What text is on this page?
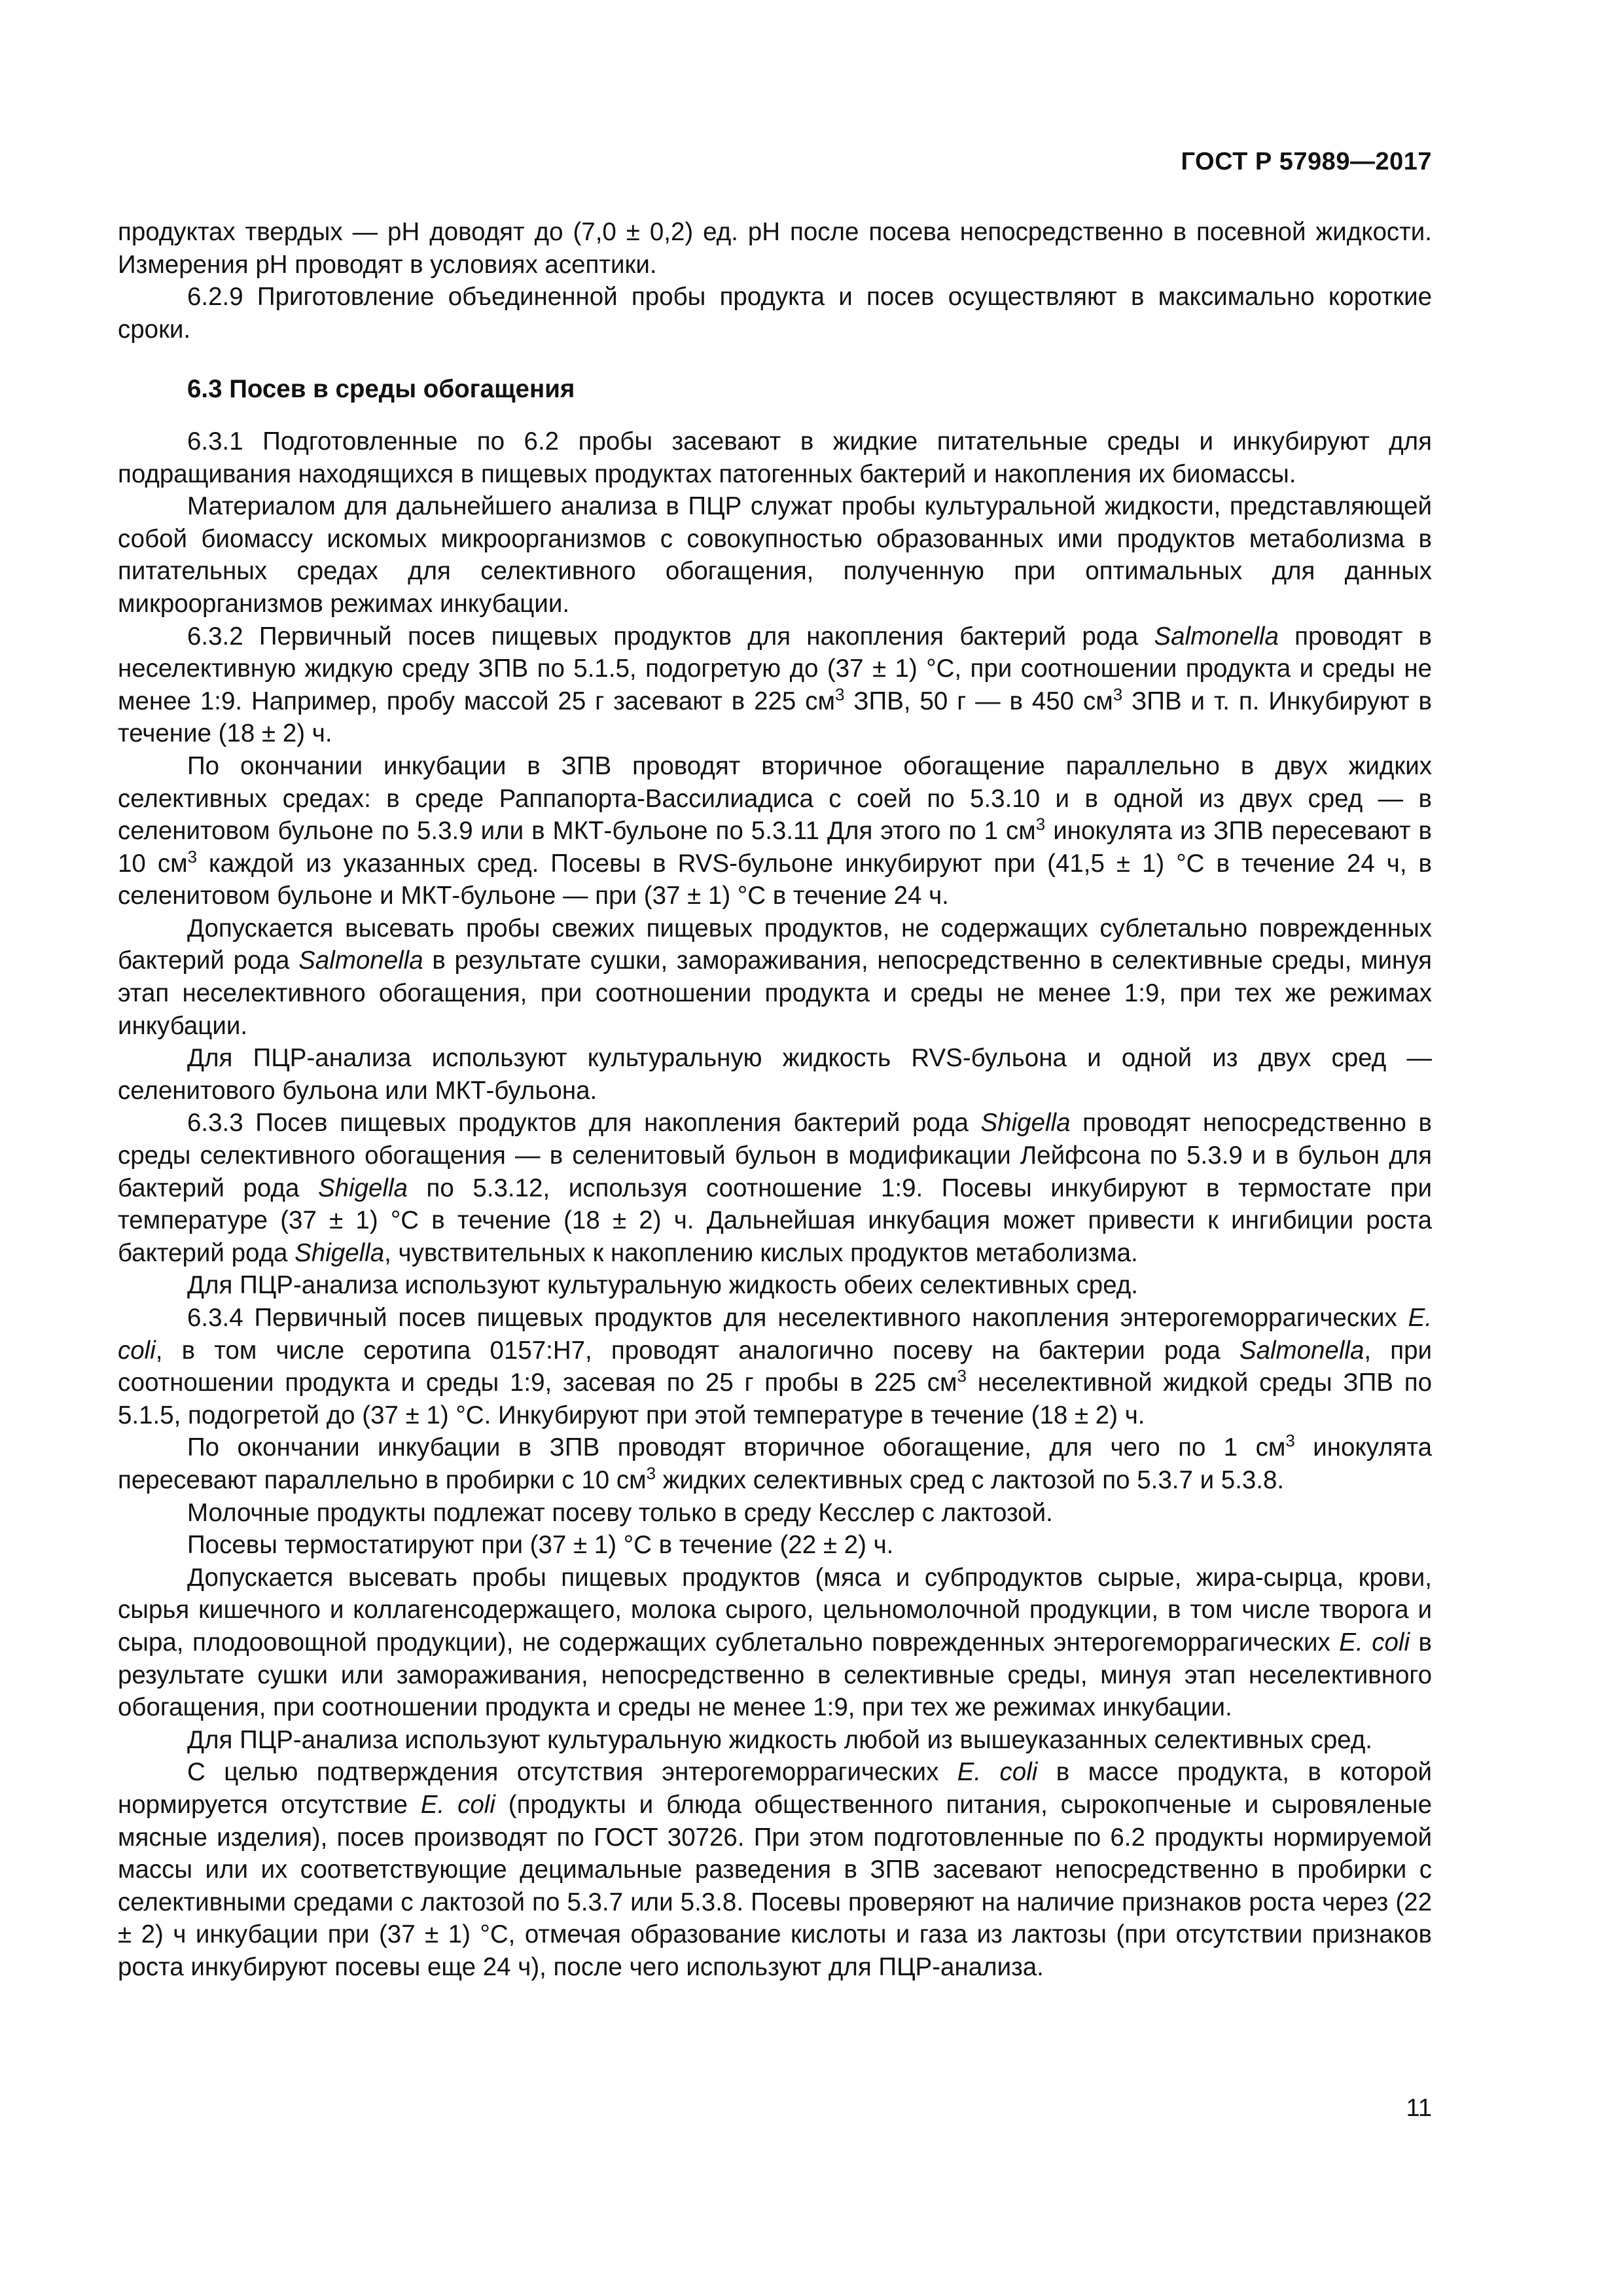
ГОСТ Р 57989—2017

продуктах твердых — pH доводят до (7,0 ± 0,2) ед. pH после посева непосредственно в посевной жидкости. Измерения pH проводят в условиях асептики.

6.2.9 Приготовление объединенной пробы продукта и посев осуществляют в максимально короткие сроки.

6.3 Посев в среды обогащения

6.3.1 Подготовленные по 6.2 пробы засевают в жидкие питательные среды и инкубируют для подращивания находящихся в пищевых продуктах патогенных бактерий и накопления их биомассы.

Материалом для дальнейшего анализа в ПЦР служат пробы культуральной жидкости, представляющей собой биомассу искомых микроорганизмов с совокупностью образованных ими продуктов метаболизма в питательных средах для селективного обогащения, полученную при оптимальных для данных микроорганизмов режимах инкубации.

6.3.2 Первичный посев пищевых продуктов для накопления бактерий рода Salmonella проводят в неселективную жидкую среду ЗПВ по 5.1.5, подогретую до (37 ± 1) °С, при соотношении продукта и среды не менее 1:9. Например, пробу массой 25 г засевают в 225 $см^3$ ЗПВ, 50 г — в 450 $см^3$ ЗПВ и т. п. Инкубируют в течение (18 ± 2) ч.

По окончании инкубации в ЗПВ проводят вторичное обогащение параллельно в двух жидких селективных средах: в среде Раппапорта-Вассилиадиса с соей по 5.3.10 и в одной из двух сред — в селенитовом бульоне по 5.3.9 или в МКТ-бульоне по 5.3.11 Для этого по 1 $см^3$ инокулята из ЗПВ пересевают в 10 $см^3$ каждой из указанных сред. Посевы в RVS-бульоне инкубируют при (41,5 ± 1) °С в течение 24 ч, в селенитовом бульоне и МКТ-бульоне — при (37 ± 1) °С в течение 24 ч.

Допускается высевать пробы свежих пищевых продуктов, не содержащих сублетально поврежденных бактерий рода Salmonella в результате сушки, замораживания, непосредственно в селективные среды, минуя этап неселективного обогащения, при соотношении продукта и среды не менее 1:9, при тех же режимах инкубации.

Для ПЦР-анализа используют культуральную жидкость RVS-бульона и одной из двух сред — селенитового бульона или МКТ-бульона.

6.3.3 Посев пищевых продуктов для накопления бактерий рода Shigella проводят непосредственно в среды селективного обогащения — в селенитовый бульон в модификации Лейфсона по 5.3.9 и в бульон для бактерий рода Shigella по 5.3.12, используя соотношение 1:9. Посевы инкубируют в термостате при температуре (37 ± 1) °С в течение (18 ± 2) ч. Дальнейшая инкубация может привести к ингибиции роста бактерий рода Shigella, чувствительных к накоплению кислых продуктов метаболизма.

Для ПЦР-анализа используют культуральную жидкость обеих селективных сред.

6.3.4 Первичный посев пищевых продуктов для неселективного накопления энтерогеморрагических E. coli, в том числе серотипа 0157:H7, проводят аналогично посеву на бактерии рода Salmonella, при соотношении продукта и среды 1:9, засевая по 25 г пробы в 225 $см^3$ неселективной жидкой среды ЗПВ по 5.1.5, подогретой до (37 ± 1) °С. Инкубируют при этой температуре в течение (18 ± 2) ч.

По окончании инкубации в ЗПВ проводят вторичное обогащение, для чего по 1 $см^3$ инокулята пересевают параллельно в пробирки с 10 $см^3$ жидких селективных сред с лактозой по 5.3.7 и 5.3.8.

Молочные продукты подлежат посеву только в среду Кесслер с лактозой.

Посевы термостатируют при (37 ± 1) °С в течение (22 ± 2) ч.

Допускается высевать пробы пищевых продуктов (мяса и субпродуктов сырые, жира-сырца, крови, сырья кишечного и коллагенсодержащего, молока сырого, цельномолочной продукции, в том числе творога и сыра, плодоовощной продукции), не содержащих сублетально поврежденных энтерогеморрагических E. coli в результате сушки или замораживания, непосредственно в селективные среды, минуя этап неселективного обогащения, при соотношении продукта и среды не менее 1:9, при тех же режимах инкубации.

Для ПЦР-анализа используют культуральную жидкость любой из вышеуказанных селективных сред.

С целью подтверждения отсутствия энтерогеморрагических E. coli в массе продукта, в которой нормируется отсутствие E. coli (продукты и блюда общественного питания, сырокопченые и сыровяленые мясные изделия), посев производят по ГОСТ 30726. При этом подготовленные по 6.2 продукты нормируемой массы или их соответствующие децимальные разведения в ЗПВ засевают непосредственно в пробирки с селективными средами с лактозой по 5.3.7 или 5.3.8. Посевы проверяют на наличие признаков роста через (22 ± 2) ч инкубации при (37 ± 1) °С, отмечая образование кислоты и газа из лактозы (при отсутствии признаков роста инкубируют посевы еще 24 ч), после чего используют для ПЦР-анализа.

11
